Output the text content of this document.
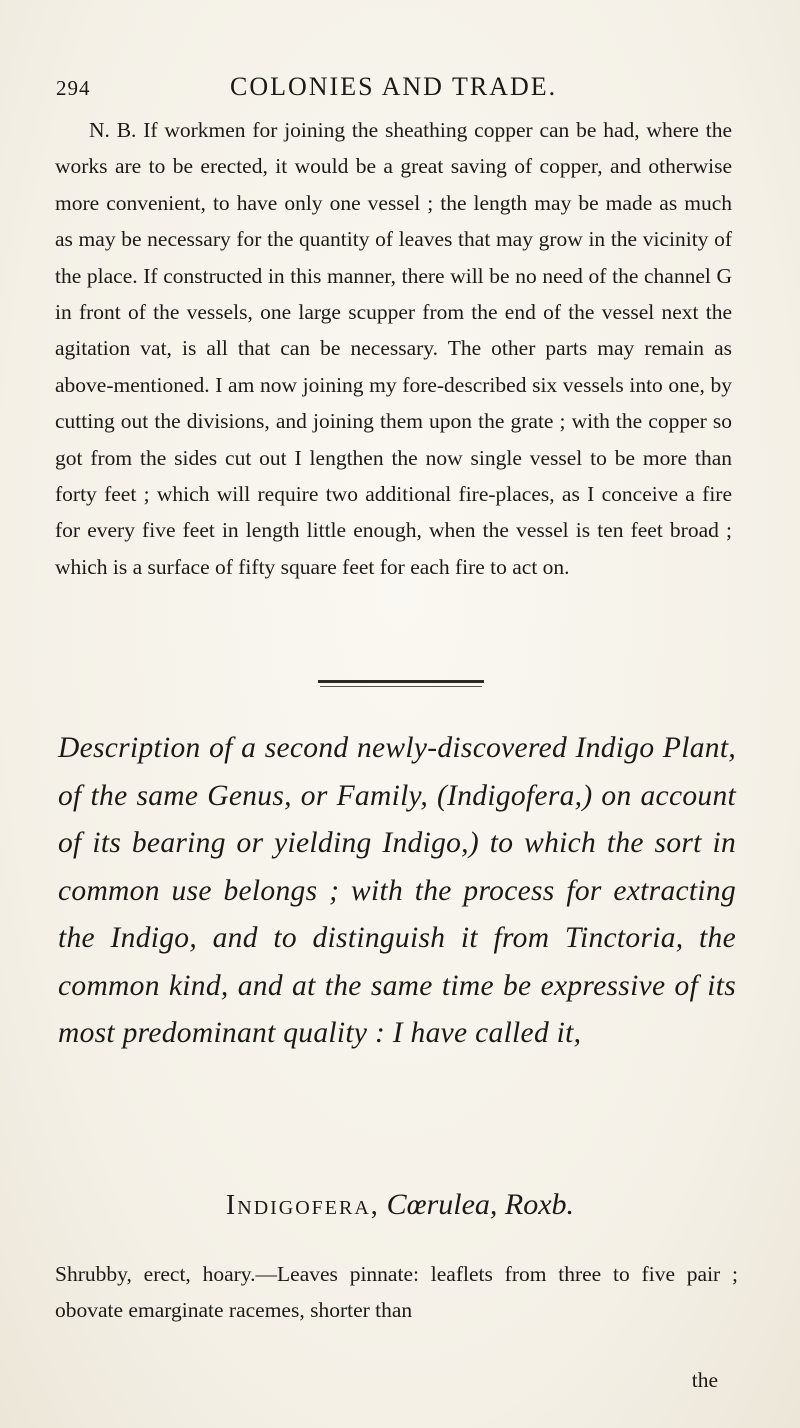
294	COLONIES AND TRADE.

N. B. If workmen for joining the sheathing copper can be had, where the works are to be erected, it would be a great saving of copper, and otherwise more convenient, to have only one vessel ; the length may be made as much as may be necessary for the quantity of leaves that may grow in the vicinity of the place. If constructed in this manner, there will be no need of the channel G in front of the vessels, one large scupper from the end of the vessel next the agitation vat, is all that can be necessary. The other parts may remain as above-mentioned. I am now joining my fore-described six vessels into one, by cutting out the divisions, and joining them upon the grate ; with the copper so got from the sides cut out I lengthen the now single vessel to be more than forty feet ; which will require two additional fire-places, as I conceive a fire for every five feet in length little enough, when the vessel is ten feet broad ; which is a surface of fifty square feet for each fire to act on.

Description of a second newly-discovered Indigo Plant, of the same Genus, or Family, (Indigofera,) on account of its bearing or yielding Indigo,) to which the sort in common use belongs ; with the process for extracting the Indigo, and to distinguish it from Tinctoria, the common kind, and at the same time be expressive of its most predominant quality : I have called it,
Indigofera, Cœrulea, Roxb.

Shrubby, erect, hoary.—Leaves pinnate: leaflets from three to five pair ; obovate emarginate racemes, shorter than

the
